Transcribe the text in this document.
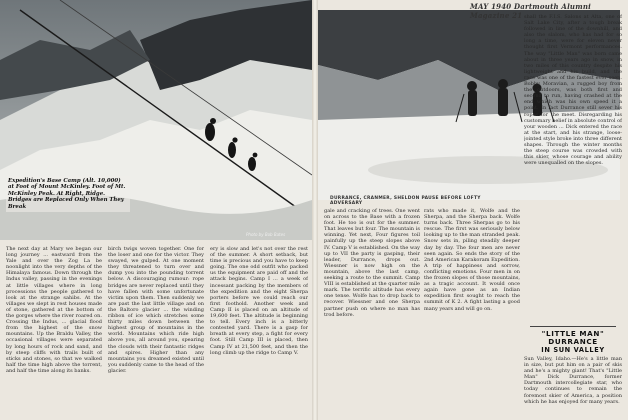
Expedition's Base Camp (Alt. 10,000) at Foot of Mount McKinley. Foot of Mt. McKinley Peak. At Right, Ridge. Bridges are Replaced Only When They Break
Photo by Bob Bates
MAY 1940 Dartmouth Alumni Magazine 21
DURRANCE, CRANMER, SHELDON PAUSE BEFORE LOFTY ADVERSARY
The next day at Mary we began our long journey ... eastward from the Yale and over the Zog La be noonlight into the very depths of the Himalaya famous. Down through the Indus valley, passing in the evenings at little villages where in long processions the people gathered to look at the strange sahibs. At the villages we slept in rest houses made of stone, gathered at the bottom of the gorges where the river roared on. Crossing the Indus, ... glacial flood from the highest of the snow mountains. Up the Braldu Valley, the occasional villages were separated by long hours of rock and sand, and by steep cliffs with trails built of sticks and stones, so that we walked half the time high above the torrent, and half the time along its banks.
birch twigs woven together. One for the loser and one for the victor. They swayed, we gulped. At one moment they threatened to turn over and dump you into the pounding torrent below. A discouraging rumour: rope bridges are never replaced until they have fallen with some unfortunate victim upon them. Then suddenly we are past the last little village and on the Baltoro glacier ... the winding ribbon of ice which stretches some thirty miles down between the highest group of mountains in the world. Mountains which ride high above you, all around you, spearing the clouds with their fantastic ridges and spires. Higher than any mountains you dreamed existed until you suddenly came to the head of the glacier.
ery is slow and let's not over the rest of the summer. A short setback, but time is precious and you have to keep going. The one odd outfit who packed us the equipment are paid off and the attack begins. Camp I ... a week of incessant packing by the members of the expedition and the eight Sherpa porters before we could reach our first foothold. Another week and Camp II is placed on an altitude of 19,600 feet. The altitude is beginning to tell. Every inch is a bitterly contested yard. There is a gasp for breath at every step, a fight for every foot. Still Camp III is placed, then Camp IV at 21,500 feet, and then the long climb up the ridge to Camp V.
gale and cracking of trees. One went on across to the Base with a frozen foot. He too is out for the summer. That leaves but four. The mountain is winning. Yet next, Four figures toil painfully up the steep slopes above IV. Camp V is established. On the way up to VII the party is gasping, their leader, Durrance, drops out. Wiessner is now high on the mountain, above the last camp, seeking a route to the summit. Camp VIII is established at the quarter mile mark. The terrific altitude has every one tense. Wolfe has to drop back to recover. Wiessner and one Sherpa partner push on where no man has trod before.
rats who made it, Wolfe and the Sherpa, and the Sherpa back. Wolfe turns back. Three Sherpas go to his rescue. The first was seriously below looking up to the man stranded peak. Snow sets in, piling steadily deeper day by day. The four men are never seen again. So ends the story of the 2nd American Karakoram Expedition. A trip of happiness and sorrow, conflicting emotions. Four men in on the frozen slopes of those mountains, as a tragic account. It would once again have gone as an Indian expedition first sought to reach the summit of K 2. A fight lasting a good many years and will go on.
shall the F.I.S. Salons at Alta, one of Salt Lake City, after a tough break followed in line of the downhill, and also the slalom, who has had for so long a time, were for eleven never thought first Vermont performances. The way "Little Man" was born came about in three years ago in snow, in two miles of this country despite his lightweight and his build, and the race was one of the fastest ever seen. Bobby Moravian, a rugged boy from the outdoors, was both first and second to run, having crashed at the end which was his own speed it a point. In fact Durrance still sever his ropes for the meet. Disregarding his customary belief in absolute control of your wooden ... Dick entered the race at the start, and his strange, loose-jointed style broke into three different shapes. Through the winter months the steep course was crowded with this skier, whose courage and ability were unequalled on the slopes.
"LITTLE MAN" DURRANCE
IN SUN VALLEY
Sun Valley, Idaho.—He's a little man in size, but put him on a pair of skis and he's a mighty giant! That's "Little Man" Dick Durrance, former Dartmouth intercollegiate star, who today continues to remain the foremost skier of America, a position which he has enjoyed for many years.
